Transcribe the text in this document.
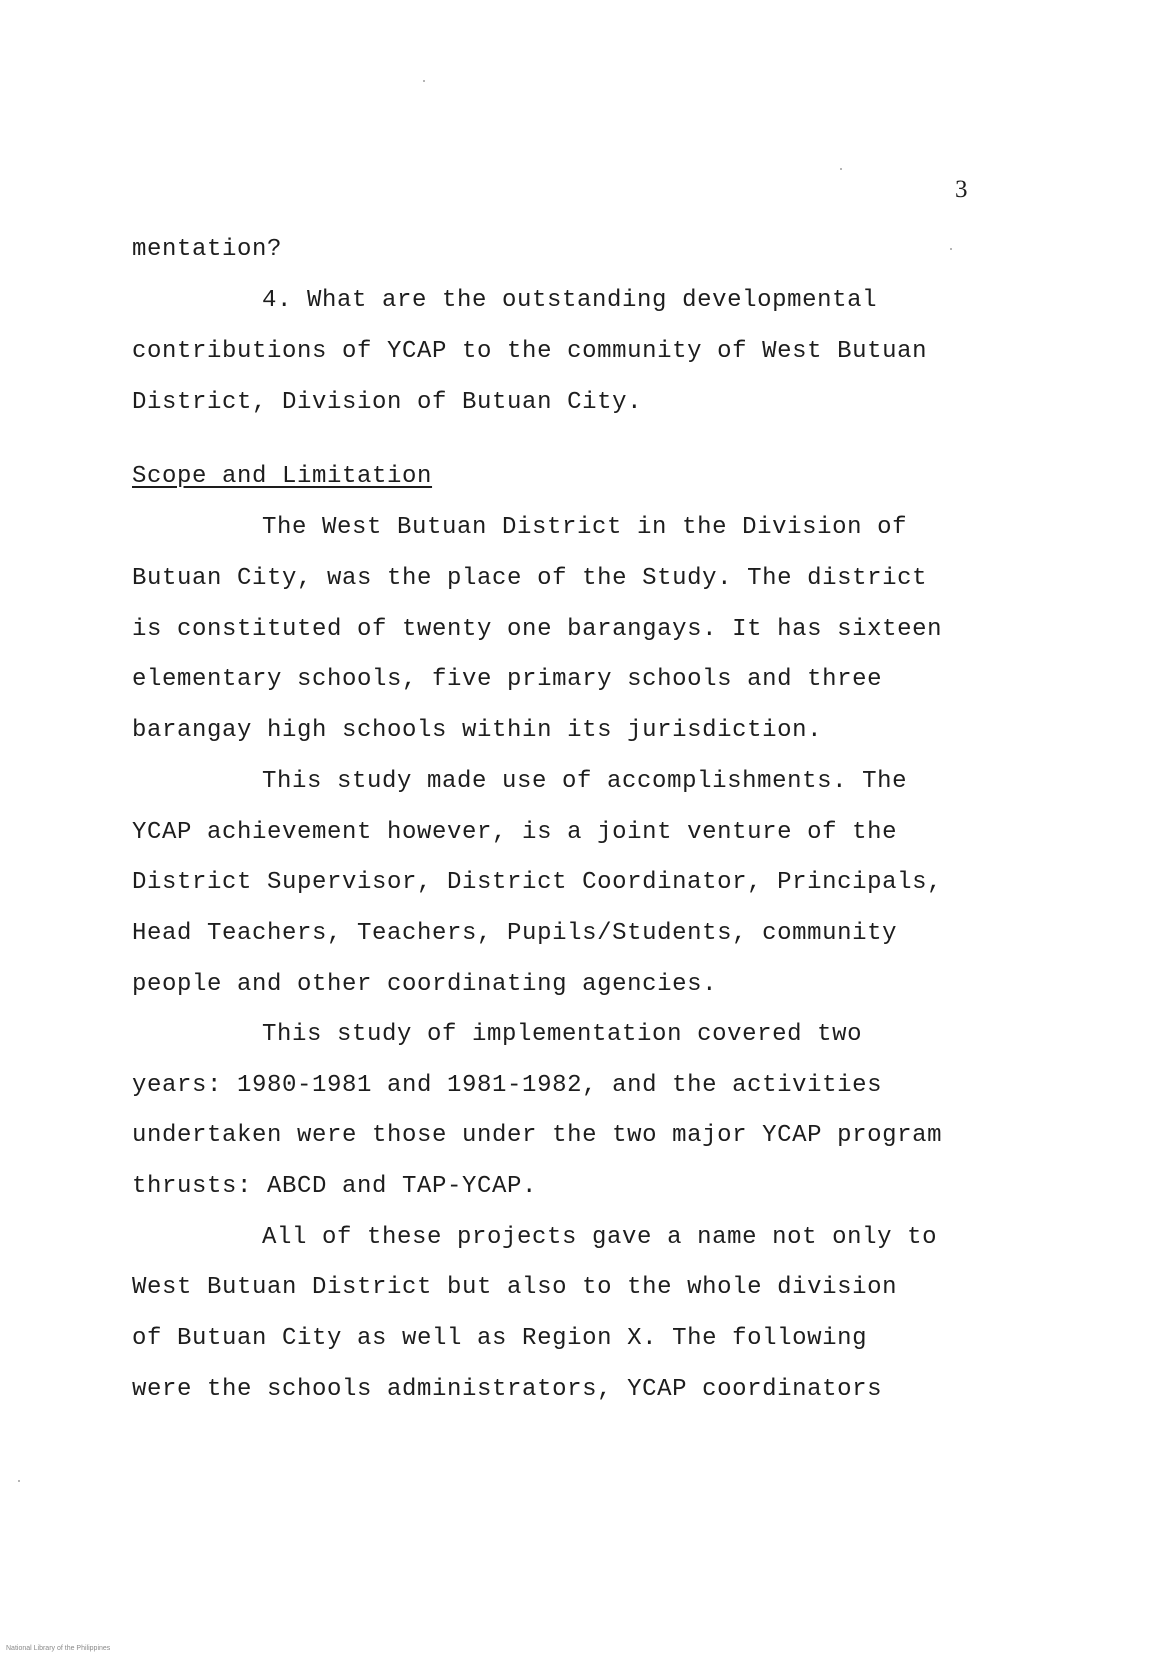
3
mentation?
4. What are the outstanding developmental
contributions of YCAP to the community of West Butuan
District, Division of Butuan City.
Scope and Limitation
The West Butuan District in the Division of
Butuan City, was the place of the Study. The district
is constituted of twenty one barangays. It has sixteen
elementary schools, five primary schools and three
barangay high schools within its jurisdiction.
This study made use of accomplishments. The
YCAP achievement however, is a joint venture of the
District Supervisor, District Coordinator, Principals,
Head Teachers, Teachers, Pupils/Students, community
people and other coordinating agencies.
This study of implementation covered two
years: 1980-1981 and 1981-1982, and the activities
undertaken were those under the two major YCAP program
thrusts: ABCD and TAP-YCAP.
All of these projects gave a name not only to
West Butuan District but also to the whole division
of Butuan City as well as Region X. The following
were the schools administrators, YCAP coordinators
National Library of the Philippines
